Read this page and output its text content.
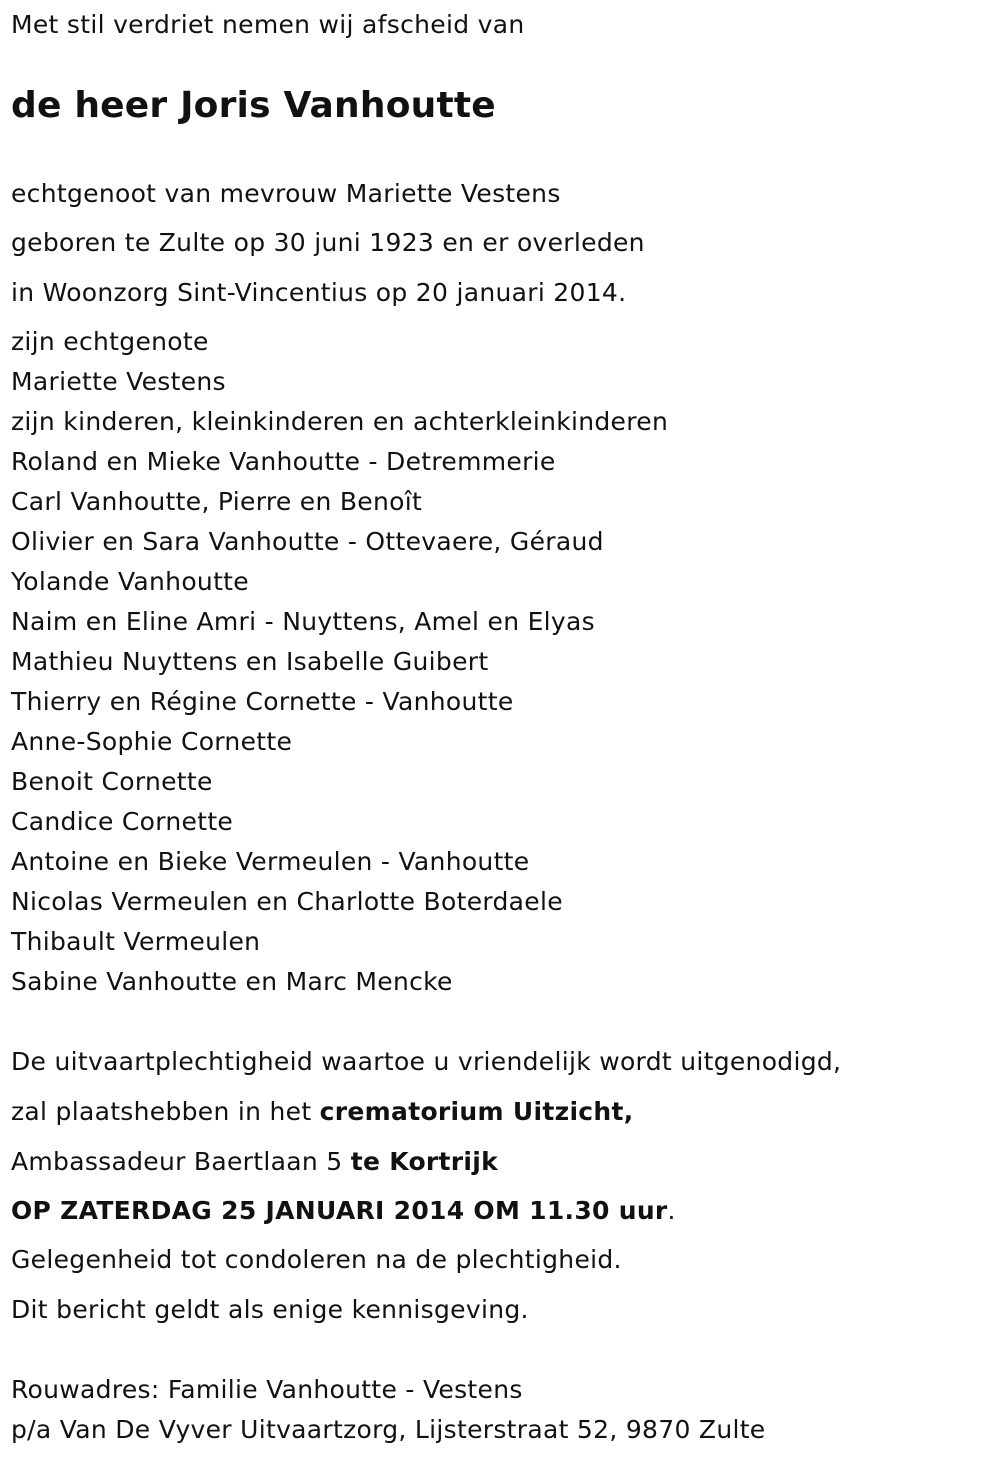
Met stil verdriet nemen wij afscheid van
de heer Joris Vanhoutte
echtgenoot van mevrouw Mariette Vestens
geboren te Zulte op 30 juni 1923 en er overleden
in Woonzorg Sint-Vincentius op 20 januari 2014.
zijn echtgenote
Mariette Vestens
zijn kinderen, kleinkinderen en achterkleinkinderen
Roland en Mieke Vanhoutte - Detremmerie
Carl Vanhoutte, Pierre en Benoît
Olivier en Sara Vanhoutte - Ottevaere, Géraud
Yolande Vanhoutte
Naim en Eline Amri - Nuyttens, Amel en Elyas
Mathieu Nuyttens en Isabelle Guibert
Thierry en Régine Cornette - Vanhoutte
Anne-Sophie Cornette
Benoit Cornette
Candice Cornette
Antoine en Bieke Vermeulen - Vanhoutte
Nicolas Vermeulen en Charlotte Boterdaele
Thibault Vermeulen
Sabine Vanhoutte en Marc Mencke
De uitvaartplechtigheid waartoe u vriendelijk wordt uitgenodigd,
zal plaatshebben in het crematorium Uitzicht,
Ambassadeur Baertlaan 5 te Kortrijk
OP ZATERDAG 25 JANUARI 2014 OM 11.30 uur.
Gelegenheid tot condoleren na de plechtigheid.
Dit bericht geldt als enige kennisgeving.
Rouwadres: Familie Vanhoutte - Vestens
p/a Van De Vyver Uitvaartzorg, Lijsterstraat 52, 9870 Zulte
